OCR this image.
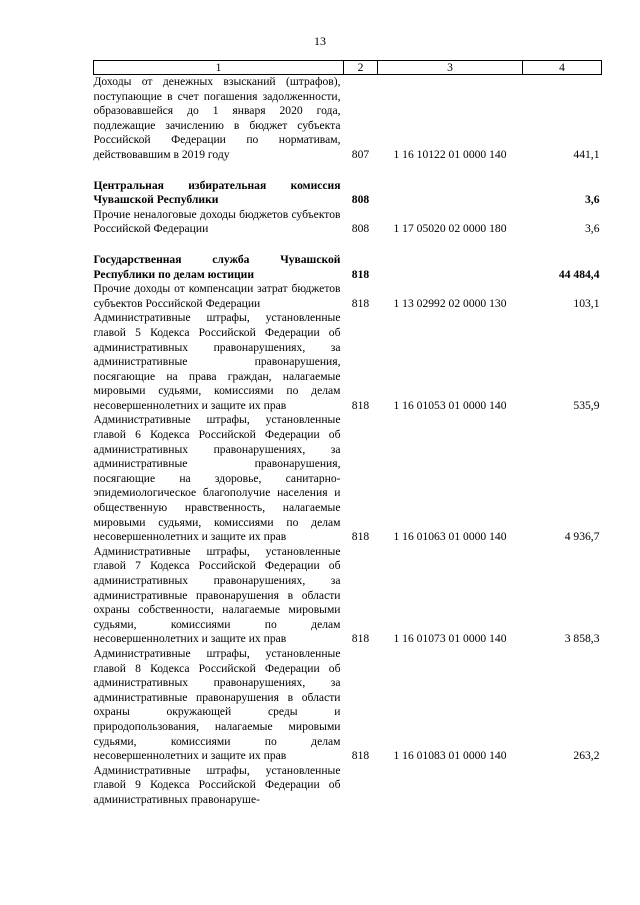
13
1	2	3	4
Доходы от денежных взысканий (штрафов), поступающие в счет погашения задолженности, образовавшейся до 1 января 2020 года, подлежащие зачислению в бюджет субъекта Российской Федерации по нормативам, действовавшим в 2019 году	807	1 16 10122 01 0000 140	441,1

Центральная избирательная комиссия Чувашской Республики	808		3,6
Прочие неналоговые доходы бюджетов субъектов Российской Федерации	808	1 17 05020 02 0000 180	3,6

Государственная служба Чувашской Республики по делам юстиции	818		44 484,4
Прочие доходы от компенсации затрат бюджетов субъектов Российской Федерации	818	1 13 02992 02 0000 130	103,1
Административные штрафы, установленные главой 5 Кодекса Российской Федерации об административных правонарушениях, за административные правонарушения, посягающие на права граждан, налагаемые мировыми судьями, комиссиями по делам несовершеннолетних и защите их прав	818	1 16 01053 01 0000 140	535,9
Административные штрафы, установленные главой 6 Кодекса Российской Федерации об административных правонарушениях, за административные правонарушения, посягающие на здоровье, санитарно-эпидемиологическое благополучие населения и общественную нравственность, налагаемые мировыми судьями, комиссиями по делам несовершеннолетних и защите их прав	818	1 16 01063 01 0000 140	4 936,7
Административные штрафы, установленные главой 7 Кодекса Российской Федерации об административных правонарушениях, за административные правонарушения в области охраны собственности, налагаемые мировыми судьями, комиссиями по делам несовершеннолетних и защите их прав	818	1 16 01073 01 0000 140	3 858,3
Административные штрафы, установленные главой 8 Кодекса Российской Федерации об административных правонарушениях, за административные правонарушения в области охраны окружающей среды и природопользования, налагаемые мировыми судьями, комиссиями по делам несовершеннолетних и защите их прав	818	1 16 01083 01 0000 140	263,2
Административные штрафы, установленные главой 9 Кодекса Российской Федерации об административных правонаруше-			
